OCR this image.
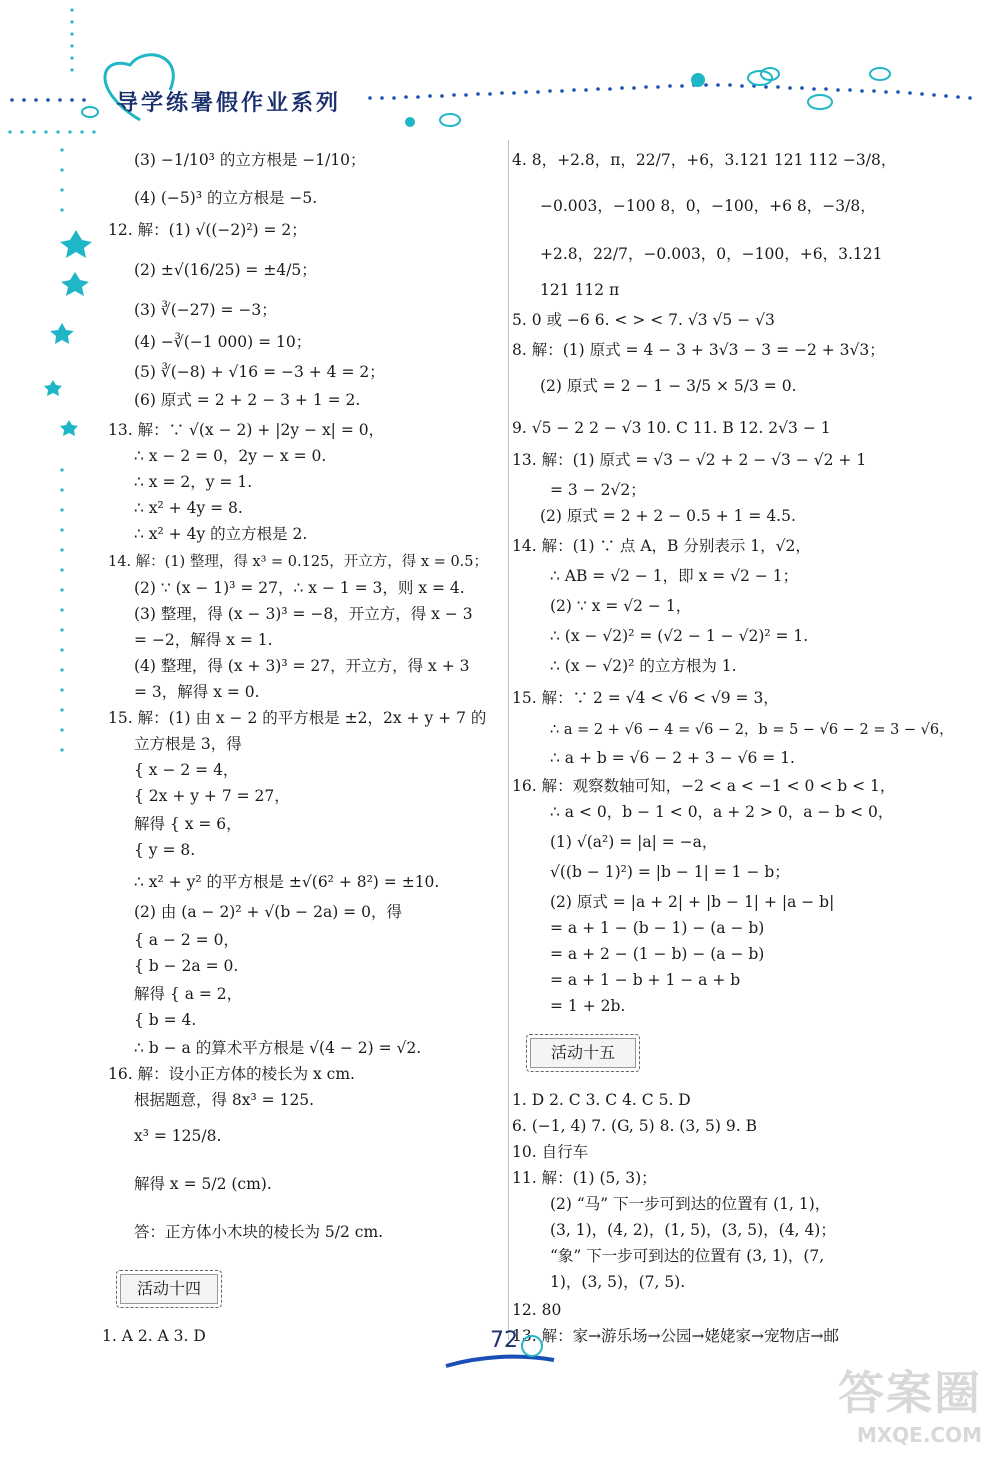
导学练暑假作业系列
(3) −1/10³ 的立方根是 −1/10；
(4) (−5)³ 的立方根是 −5.
12. 解：(1) √((−2)²) = 2；
(2) ±√(16/25) = ±4/5；
(3) ∛(−27) = −3；
(4) −∛(−1 000) = 10；
(5) ∛(−8) + √16 = −3 + 4 = 2；
(6) 原式 = 2 + 2 − 3 + 1 = 2.
13. 解：∵ √(x − 2) + |2y − x| = 0，
∴ x − 2 = 0，2y − x = 0.
∴ x = 2，y = 1.
∴ x² + 4y = 8.
∴ x² + 4y 的立方根是 2.
14. 解：(1) 整理，得 x³ = 0.125，开立方，得 x = 0.5；
(2) ∵ (x − 1)³ = 27，∴ x − 1 = 3，则 x = 4.
(3) 整理，得 (x − 3)³ = −8，开立方，得 x − 3
= −2，解得 x = 1.
(4) 整理，得 (x + 3)³ = 27，开立方，得 x + 3
= 3，解得 x = 0.
15. 解：(1) 由 x − 2 的平方根是 ±2，2x + y + 7 的
立方根是 3，得
{ x − 2 = 4，
{ 2x + y + 7 = 27，
解得 { x = 6，
{ y = 8.
∴ x² + y² 的平方根是 ±√(6² + 8²) = ±10.
(2) 由 (a − 2)² + √(b − 2a) = 0，得
{ a − 2 = 0，
{ b − 2a = 0.
解得 { a = 2，
{ b = 4.
∴ b − a 的算术平方根是 √(4 − 2) = √2.
16. 解：设小正方体的棱长为 x cm.
根据题意，得 8x³ = 125.
x³ = 125/8.
解得 x = 5/2 (cm).
答：正方体小木块的棱长为 5/2 cm.
活动十四
1. A 2. A 3. D
4. 8，+2.8，π，22/7，+6，3.121 121 112 −3/8，
−0.003，−100 8，0，−100，+6 8，−3/8，
+2.8，22/7，−0.003，0，−100，+6，3.121
121 112 π
5. 0 或 −6 6. < > < 7. √3 √5 − √3
8. 解：(1) 原式 = 4 − 3 + 3√3 − 3 = −2 + 3√3；
(2) 原式 = 2 − 1 − 3/5 × 5/3 = 0.
9. √5 − 2 2 − √3 10. C 11. B 12. 2√3 − 1
13. 解：(1) 原式 = √3 − √2 + 2 − √3 − √2 + 1
= 3 − 2√2；
(2) 原式 = 2 + 2 − 0.5 + 1 = 4.5.
14. 解：(1) ∵ 点 A，B 分别表示 1，√2，
∴ AB = √2 − 1，即 x = √2 − 1；
(2) ∵ x = √2 − 1，
∴ (x − √2)² = (√2 − 1 − √2)² = 1.
∴ (x − √2)² 的立方根为 1.
15. 解：∵ 2 = √4 < √6 < √9 = 3，
∴ a = 2 + √6 − 4 = √6 − 2，b = 5 − √6 − 2 = 3 − √6，
∴ a + b = √6 − 2 + 3 − √6 = 1.
16. 解：观察数轴可知，−2 < a < −1 < 0 < b < 1，
∴ a < 0，b − 1 < 0，a + 2 > 0，a − b < 0，
(1) √(a²) = |a| = −a，
√((b − 1)²) = |b − 1| = 1 − b；
(2) 原式 = |a + 2| + |b − 1| + |a − b|
= a + 1 − (b − 1) − (a − b)
= a + 2 − (1 − b) − (a − b)
= a + 1 − b + 1 − a + b
= 1 + 2b.
活动十五
1. D 2. C 3. C 4. C 5. D
6. (−1, 4) 7. (G, 5) 8. (3, 5) 9. B
10. 自行车
11. 解：(1) (5, 3)；
(2) “马” 下一步可到达的位置有 (1, 1)，
(3, 1)，(4, 2)，(1, 5)，(3, 5)，(4, 4)；
“象” 下一步可到达的位置有 (3, 1)，(7,
1)，(3, 5)，(7, 5).
12. 80
13. 解：家→游乐场→公园→姥姥家→宠物店→邮
72
答案圈
MXQE.COM
